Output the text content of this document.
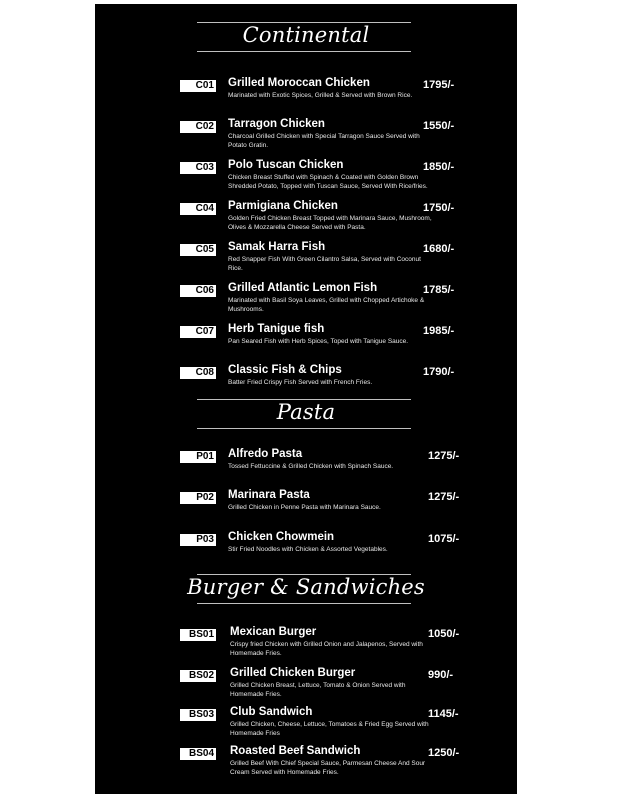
Continental
C01 Grilled Moroccan Chicken
Marinated with Exotic Spices, Grilled & Served with Brown Rice.
1795/-
C02 Tarragon Chicken
Charcoal Grilled Chicken with Special Tarragon Sauce Served with Potato Gratin.
1550/-
C03 Polo Tuscan Chicken
Chicken Breast Stuffed with Spinach & Coated with Golden Brown Shredded Potato, Topped with Tuscan Sauce, Served With Rice/fries.
1850/-
C04 Parmigiana Chicken
Golden Fried Chicken Breast Topped with Marinara Sauce, Mushroom, Olives & Mozzarella Cheese Served with Pasta.
1750/-
C05 Samak Harra Fish
Red Snapper Fish With Green Cilantro Salsa, Served with Coconut Rice.
1680/-
C06 Grilled Atlantic Lemon Fish
Marinated with Basil Soya Leaves, Grilled with Chopped Artichoke & Mushrooms.
1785/-
C07 Herb Tanigue fish
Pan Seared Fish with Herb Spices, Toped with Tanigue Sauce.
1985/-
C08 Classic Fish & Chips
Batter Fried Crispy Fish Served with French Fries.
1790/-
Pasta
P01 Alfredo Pasta
Tossed Fettuccine & Grilled Chicken with Spinach Sauce.
1275/-
P02 Marinara Pasta
Grilled Chicken in Penne Pasta with Marinara Sauce.
1275/-
P03 Chicken Chowmein
Stir Fried Noodles with Chicken & Assorted Vegetables.
1075/-
Burger & Sandwiches
BS01 Mexican Burger
Crispy fried Chicken with Grilled Onion and Jalapenos, Served with Homemade Fries.
1050/-
BS02 Grilled Chicken Burger
Grilled Chicken Breast, Lettuce, Tomato & Onion Served with Homemade Fries.
990/-
BS03 Club Sandwich
Grilled Chicken, Cheese, Lettuce, Tomatoes & Fried Egg Served with Homemade Fries
1145/-
BS04 Roasted Beef Sandwich
Grilled Beef With Chief Special Sauce, Parmesan Cheese And Sour Cream Served with Homemade Fries.
1250/-
